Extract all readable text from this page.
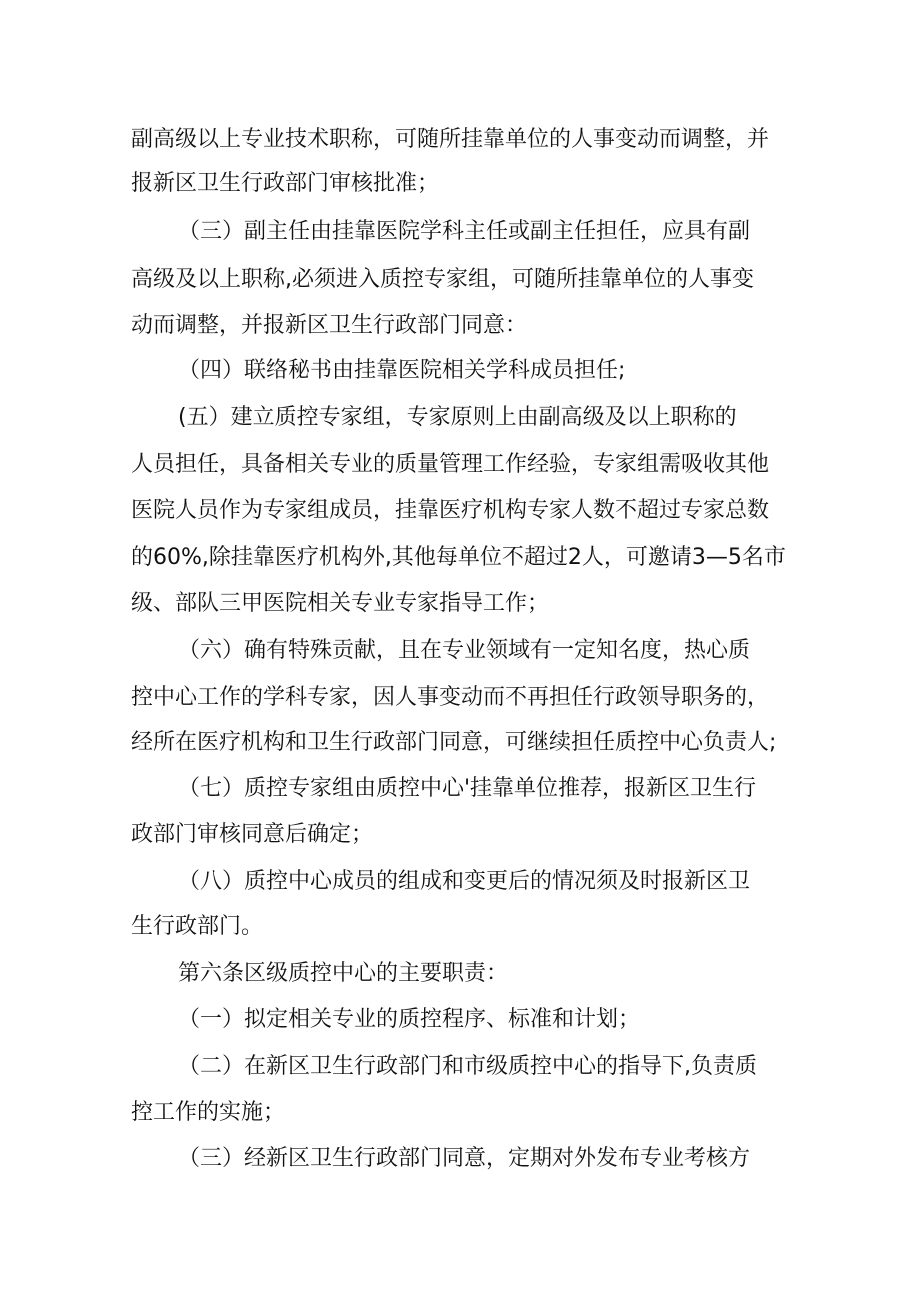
副高级以上专业技术职称，可随所挂靠单位的人事变动而调整，并
报新区卫生行政部门审核批准；
（三）副主任由挂靠医院学科主任或副主任担任，应具有副
高级及以上职称,必须进入质控专家组，可随所挂靠单位的人事变
动而调整，并报新区卫生行政部门同意：
（四）联络秘书由挂靠医院相关学科成员担任;
(五）建立质控专家组，专家原则上由副高级及以上职称的
人员担任，具备相关专业的质量管理工作经验，专家组需吸收其他
医院人员作为专家组成员，挂靠医疗机构专家人数不超过专家总数
的60%,除挂靠医疗机构外,其他每单位不超过2人，可邀请3—5名市
级、部队三甲医院相关专业专家指导工作；
（六）确有特殊贡献，且在专业领域有一定知名度，热心质
控中心工作的学科专家，因人事变动而不再担任行政领导职务的，
经所在医疗机构和卫生行政部门同意，可继续担任质控中心负责人;
（七）质控专家组由质控中心'挂靠单位推荐，报新区卫生行
政部门审核同意后确定；
（八）质控中心成员的组成和变更后的情况须及时报新区卫
生行政部门。
第六条区级质控中心的主要职责：
（一）拟定相关专业的质控程序、标准和计划；
（二）在新区卫生行政部门和市级质控中心的指导下,负责质
控工作的实施；
（三）经新区卫生行政部门同意，定期对外发布专业考核方
